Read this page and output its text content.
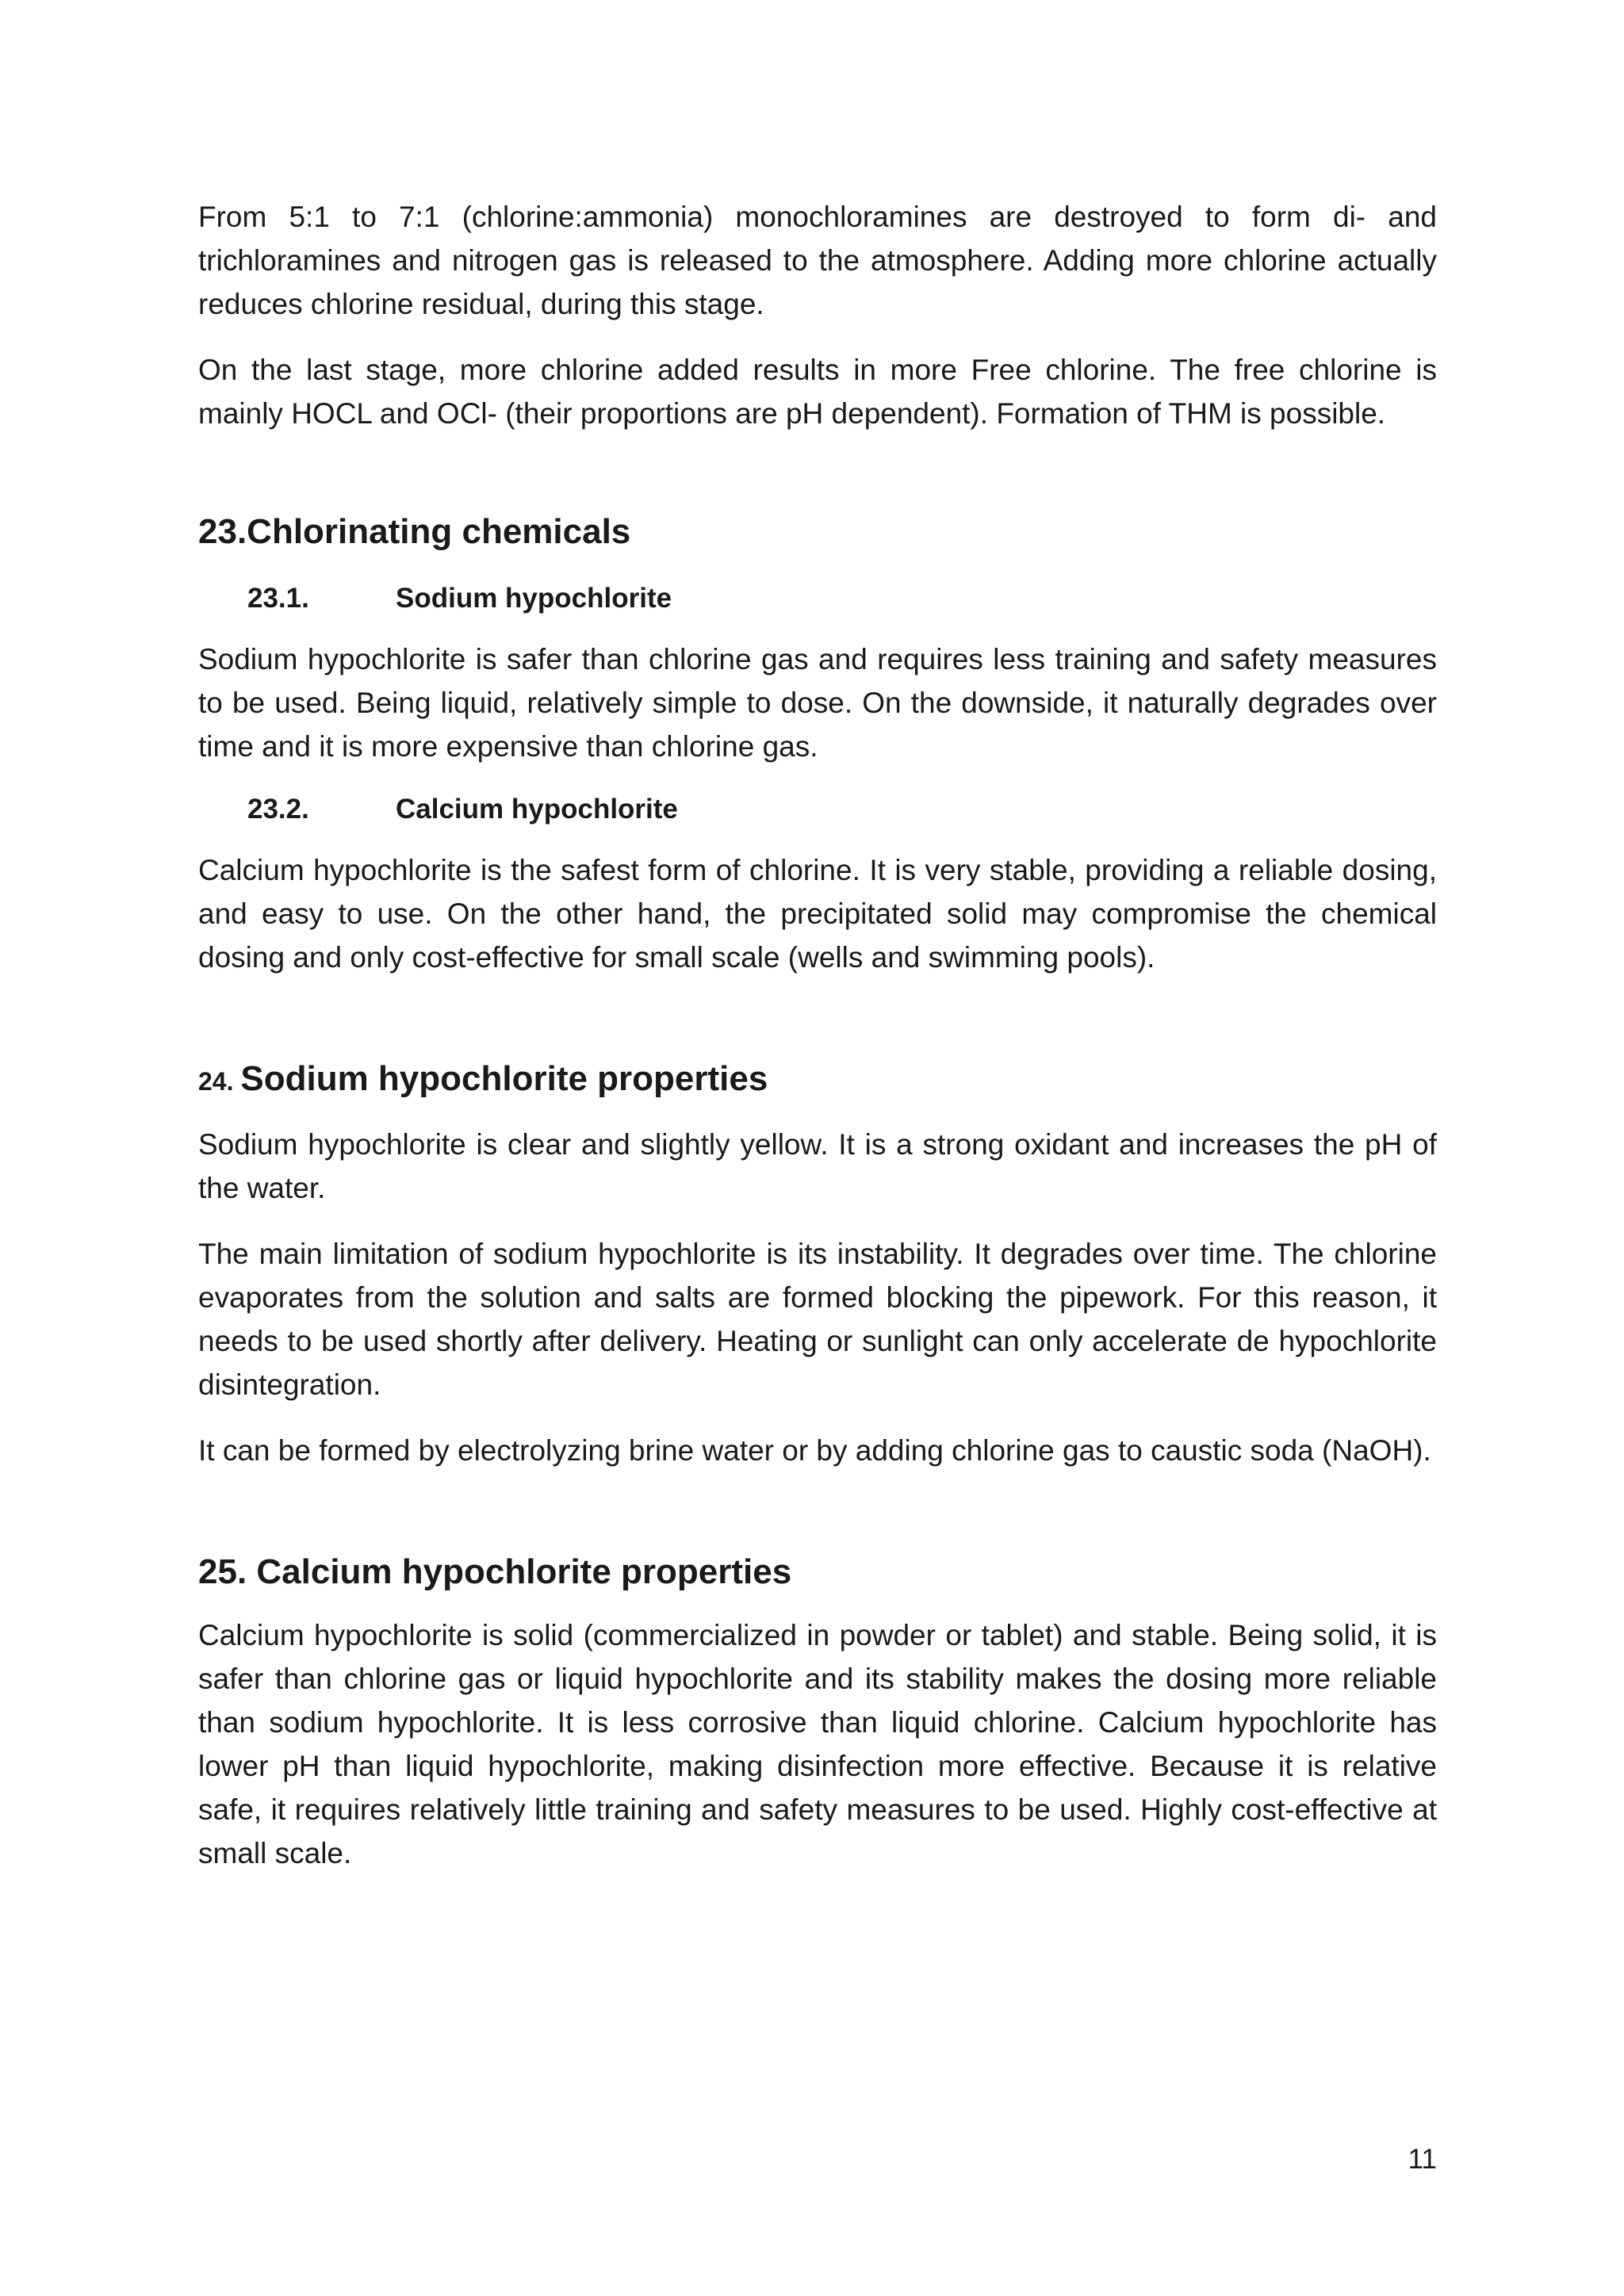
From 5:1 to 7:1 (chlorine:ammonia) monochloramines are destroyed to form di- and trichloramines and nitrogen gas is released to the atmosphere. Adding more chlorine actually reduces chlorine residual, during this stage.

On the last stage, more chlorine added results in more Free chlorine. The free chlorine is mainly HOCL and OCl- (their proportions are pH dependent). Formation of THM is possible.

23.Chlorinating chemicals
23.1.	Sodium hypochlorite

Sodium hypochlorite is safer than chlorine gas and requires less training and safety measures to be used. Being liquid, relatively simple to dose. On the downside, it naturally degrades over time and it is more expensive than chlorine gas.

23.2.	Calcium hypochlorite

Calcium hypochlorite is the safest form of chlorine. It is very stable, providing a reliable dosing, and easy to use. On the other hand, the precipitated solid may compromise the chemical dosing and only cost-effective for small scale (wells and swimming pools).

24. Sodium hypochlorite properties

Sodium hypochlorite is clear and slightly yellow. It is a strong oxidant and increases the pH of the water.

The main limitation of sodium hypochlorite is its instability. It degrades over time. The chlorine evaporates from the solution and salts are formed blocking the pipework. For this reason, it needs to be used shortly after delivery. Heating or sunlight can only accelerate de hypochlorite disintegration.

It can be formed by electrolyzing brine water or by adding chlorine gas to caustic soda (NaOH).

25. Calcium hypochlorite properties

Calcium hypochlorite is solid (commercialized in powder or tablet) and stable. Being solid, it is safer than chlorine gas or liquid hypochlorite and its stability makes the dosing more reliable than sodium hypochlorite. It is less corrosive than liquid chlorine. Calcium hypochlorite has lower pH than liquid hypochlorite, making disinfection more effective. Because it is relative safe, it requires relatively little training and safety measures to be used. Highly cost-effective at small scale.

11
